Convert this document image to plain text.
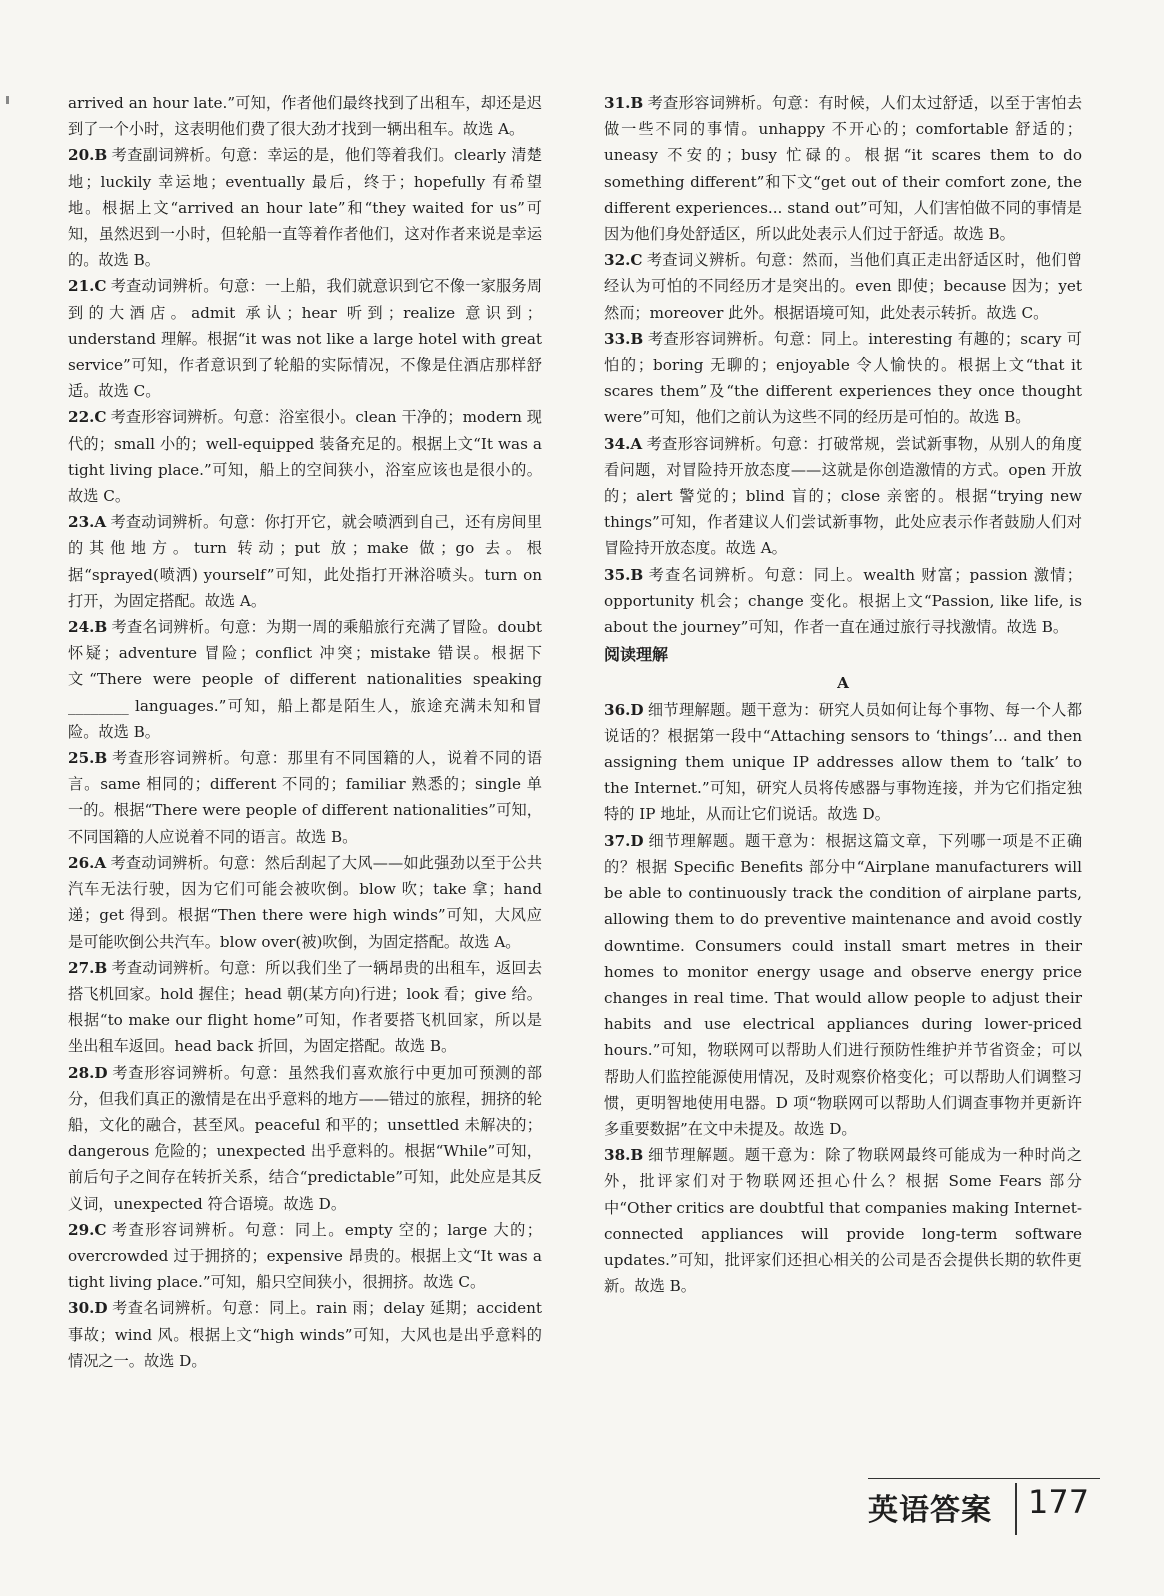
arrived an hour late.”可知，作者他们最终找到了出租车，却还是迟到了一个小时，这表明他们费了很大劲才找到一辆出租车。故选 A。

20.B 考查副词辨析。句意：幸运的是，他们等着我们。clearly 清楚地；luckily 幸运地；eventually 最后，终于；hopefully 有希望地。根据上文“arrived an hour late”和“they waited for us”可知，虽然迟到一小时，但轮船一直等着作者他们，这对作者来说是幸运的。故选 B。

21.C 考查动词辨析。句意：一上船，我们就意识到它不像一家服务周到的大酒店。admit 承认；hear 听到；realize 意识到；understand 理解。根据“it was not like a large hotel with great service”可知，作者意识到了轮船的实际情况，不像是住酒店那样舒适。故选 C。

22.C 考查形容词辨析。句意：浴室很小。clean 干净的；modern 现代的；small 小的；well-equipped 装备充足的。根据上文“It was a tight living place.”可知，船上的空间狭小，浴室应该也是很小的。故选 C。

23.A 考查动词辨析。句意：你打开它，就会喷洒到自己，还有房间里的其他地方。turn 转动；put 放；make 做；go 去。根据“sprayed(喷洒) yourself”可知，此处指打开淋浴喷头。turn on 打开，为固定搭配。故选 A。

24.B 考查名词辨析。句意：为期一周的乘船旅行充满了冒险。doubt 怀疑；adventure 冒险；conflict 冲突；mistake 错误。根据下文“There were people of different nationalities speaking ________ languages.”可知，船上都是陌生人，旅途充满未知和冒险。故选 B。

25.B 考查形容词辨析。句意：那里有不同国籍的人，说着不同的语言。same 相同的；different 不同的；familiar 熟悉的；single 单一的。根据“There were people of different nationalities”可知，不同国籍的人应说着不同的语言。故选 B。

26.A 考查动词辨析。句意：然后刮起了大风——如此强劲以至于公共汽车无法行驶，因为它们可能会被吹倒。blow 吹；take 拿；hand 递；get 得到。根据“Then there were high winds”可知，大风应是可能吹倒公共汽车。blow over(被)吹倒，为固定搭配。故选 A。

27.B 考查动词辨析。句意：所以我们坐了一辆昂贵的出租车，返回去搭飞机回家。hold 握住；head 朝(某方向)行进；look 看；give 给。根据“to make our flight home”可知，作者要搭飞机回家，所以是坐出租车返回。head back 折回，为固定搭配。故选 B。

28.D 考查形容词辨析。句意：虽然我们喜欢旅行中更加可预测的部分，但我们真正的激情是在出乎意料的地方——错过的旅程，拥挤的轮船，文化的融合，甚至风。peaceful 和平的；unsettled 未解决的；dangerous 危险的；unexpected 出乎意料的。根据“While”可知，前后句子之间存在转折关系，结合“predictable”可知，此处应是其反义词，unexpected 符合语境。故选 D。

29.C 考查形容词辨析。句意：同上。empty 空的；large 大的；overcrowded 过于拥挤的；expensive 昂贵的。根据上文“It was a tight living place.”可知，船只空间狭小，很拥挤。故选 C。

30.D 考查名词辨析。句意：同上。rain 雨；delay 延期；accident 事故；wind 风。根据上文“high winds”可知，大风也是出乎意料的情况之一。故选 D。

31.B 考查形容词辨析。句意：有时候，人们太过舒适，以至于害怕去做一些不同的事情。unhappy 不开心的；comfortable 舒适的；uneasy 不安的；busy 忙碌的。根据“it scares them to do something different”和下文“get out of their comfort zone, the different experiences... stand out”可知，人们害怕做不同的事情是因为他们身处舒适区，所以此处表示人们过于舒适。故选 B。

32.C 考查词义辨析。句意：然而，当他们真正走出舒适区时，他们曾经认为可怕的不同经历才是突出的。even 即使；because 因为；yet 然而；moreover 此外。根据语境可知，此处表示转折。故选 C。

33.B 考查形容词辨析。句意：同上。interesting 有趣的；scary 可怕的；boring 无聊的；enjoyable 令人愉快的。根据上文“that it scares them”及“the different experiences they once thought were”可知，他们之前认为这些不同的经历是可怕的。故选 B。

34.A 考查形容词辨析。句意：打破常规，尝试新事物，从别人的角度看问题，对冒险持开放态度——这就是你创造激情的方式。open 开放的；alert 警觉的；blind 盲的；close 亲密的。根据“trying new things”可知，作者建议人们尝试新事物，此处应表示作者鼓励人们对冒险持开放态度。故选 A。

35.B 考查名词辨析。句意：同上。wealth 财富；passion 激情；opportunity 机会；change 变化。根据上文“Passion, like life, is about the journey”可知，作者一直在通过旅行寻找激情。故选 B。

阅读理解

A

36.D 细节理解题。题干意为：研究人员如何让每个事物、每一个人都说话的？根据第一段中“Attaching sensors to ‘things’... and then assigning them unique IP addresses allow them to ‘talk’ to the Internet.”可知，研究人员将传感器与事物连接，并为它们指定独特的 IP 地址，从而让它们说话。故选 D。

37.D 细节理解题。题干意为：根据这篇文章，下列哪一项是不正确的？根据 Specific Benefits 部分中“Airplane manufacturers will be able to continuously track the condition of airplane parts, allowing them to do preventive maintenance and avoid costly downtime. Consumers could install smart metres in their homes to monitor energy usage and observe energy price changes in real time. That would allow people to adjust their habits and use electrical appliances during lower-priced hours.”可知，物联网可以帮助人们进行预防性维护并节省资金；可以帮助人们监控能源使用情况，及时观察价格变化；可以帮助人们调整习惯，更明智地使用电器。D 项“物联网可以帮助人们调查事物并更新许多重要数据”在文中未提及。故选 D。

38.B 细节理解题。题干意为：除了物联网最终可能成为一种时尚之外，批评家们对于物联网还担心什么？根据 Some Fears 部分中“Other critics are doubtful that companies making Internet-connected appliances will provide long-term software updates.”可知，批评家们还担心相关的公司是否会提供长期的软件更新。故选 B。

英语答案 177
